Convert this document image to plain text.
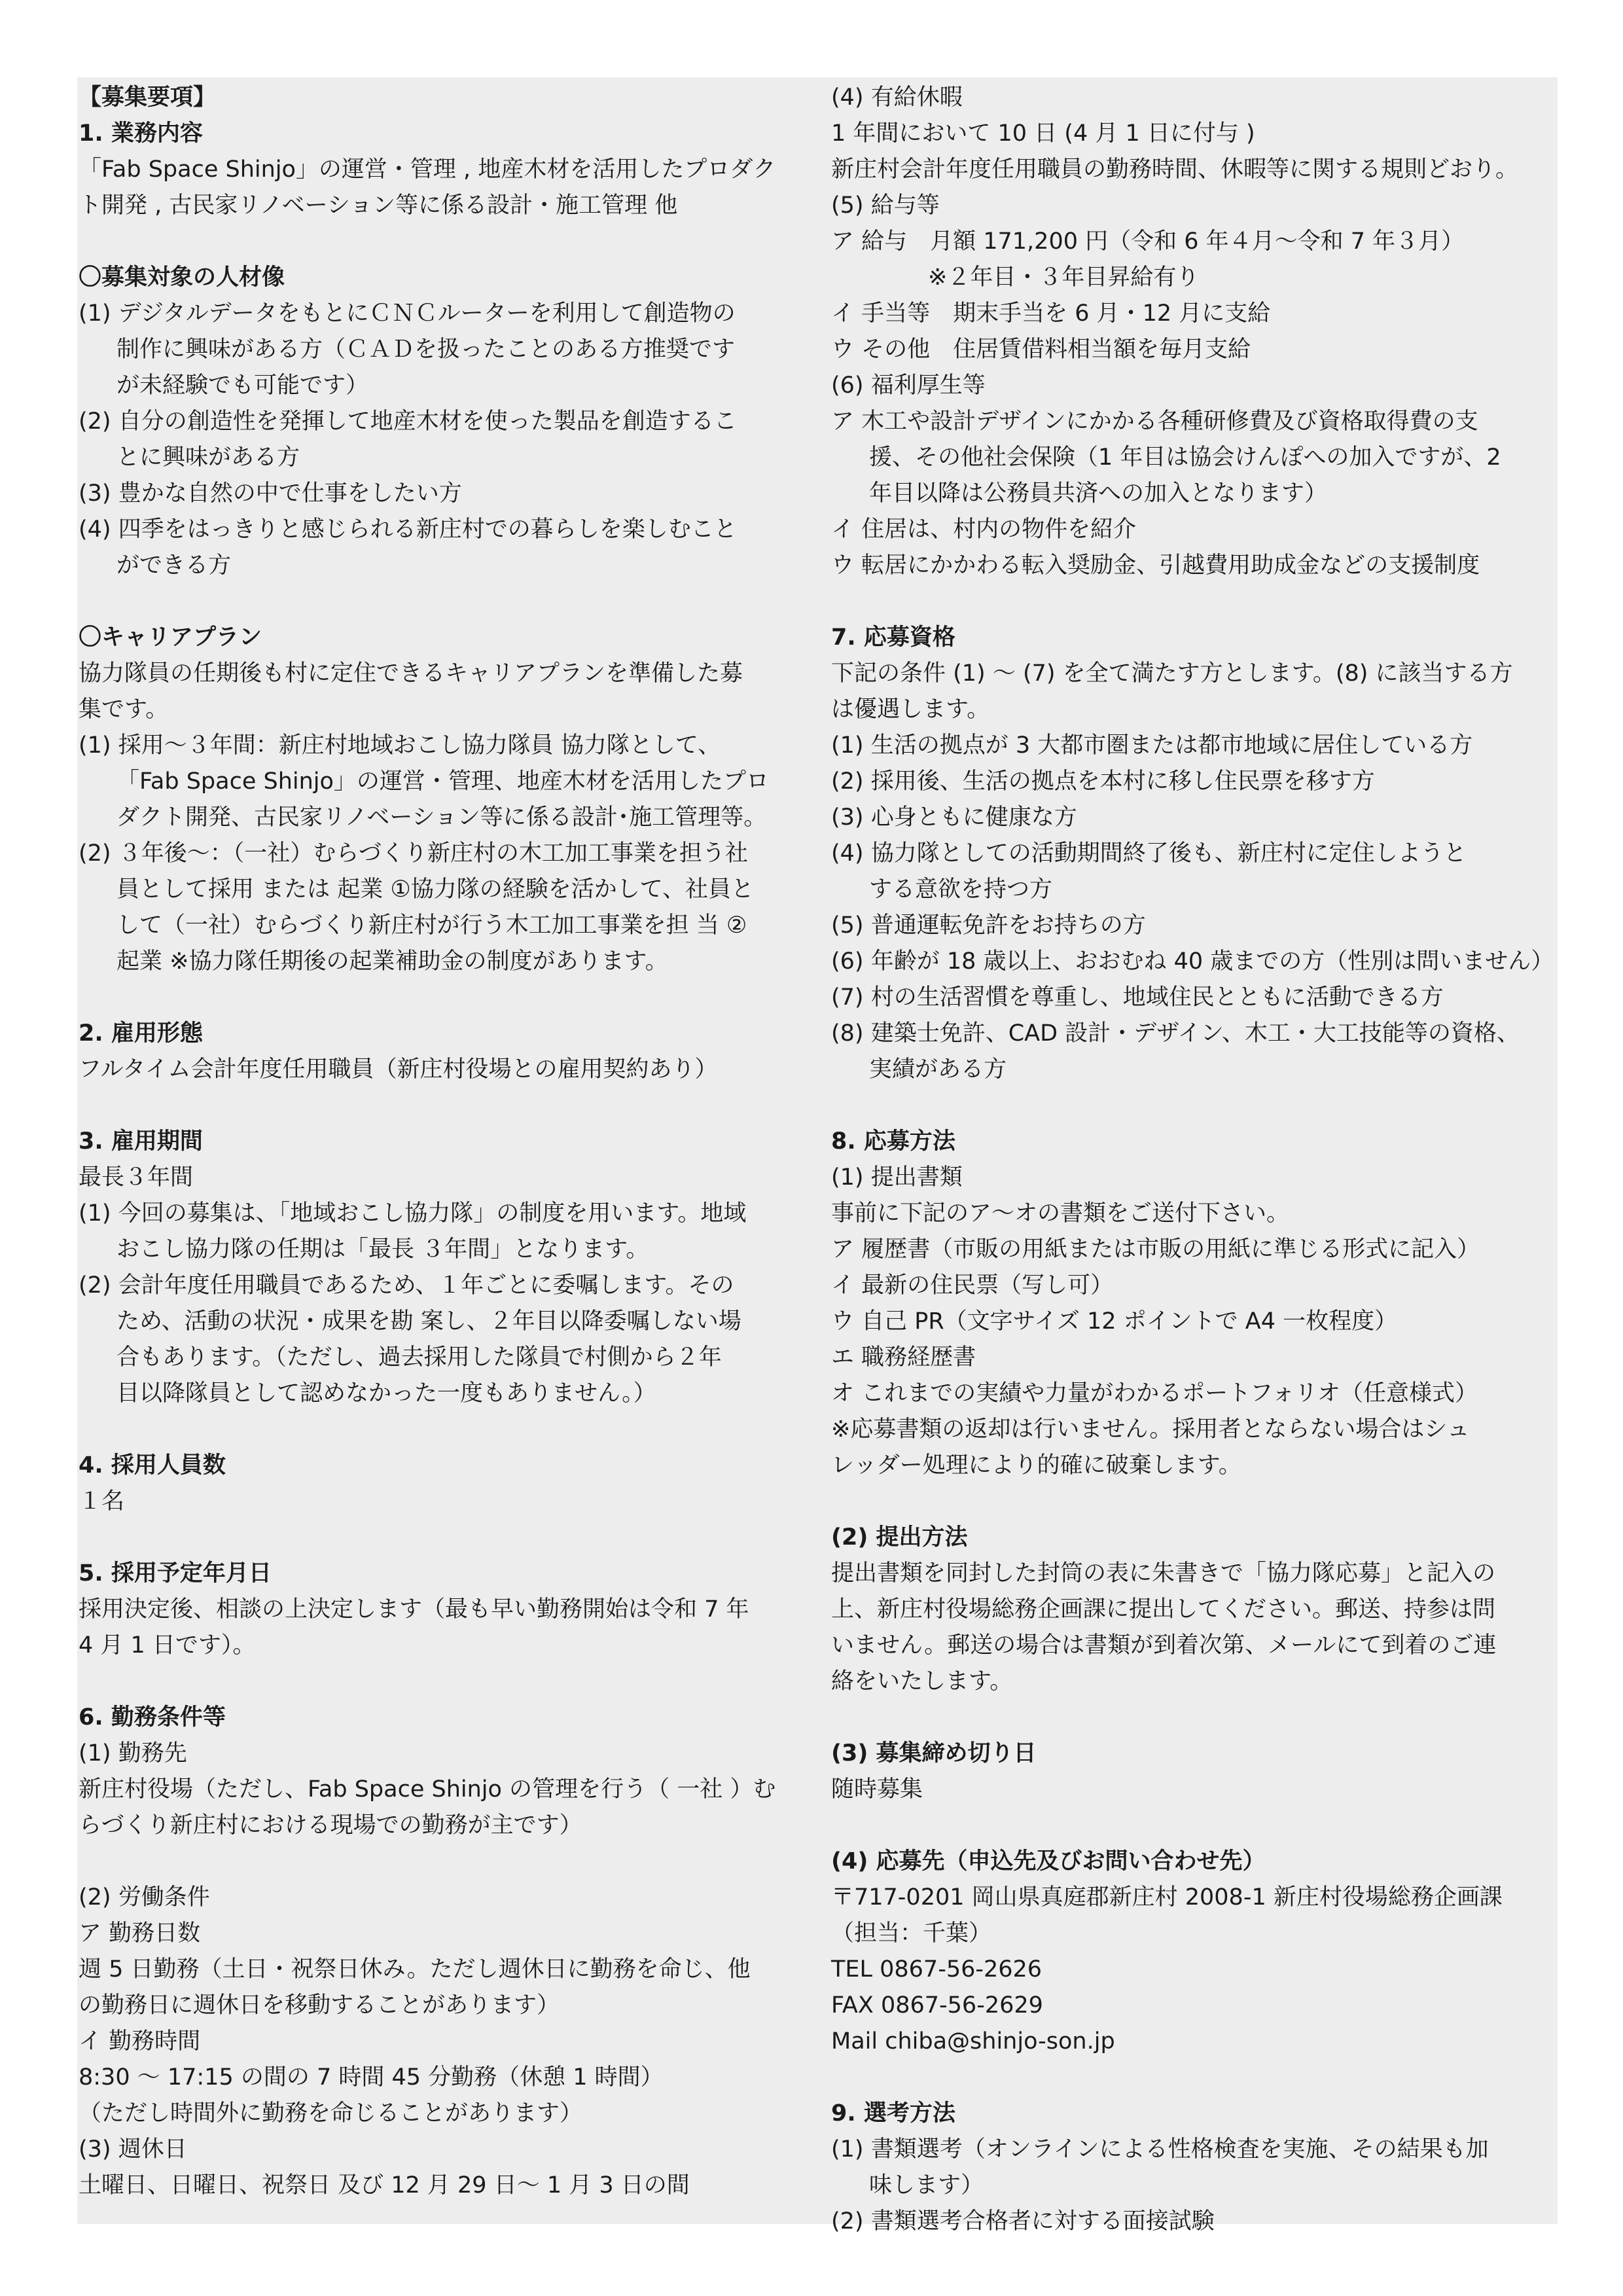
【募集要項】
1. 業務内容
「Fab Space Shinjo」の運営・管理 , 地産木材を活用したプロダク
ト開発 , 古民家リノベーション等に係る設計・施工管理 他
〇募集対象の人材像
(1) デジタルデータをもとにＣＮＣルーターを利用して創造物の
制作に興味がある方（ＣＡＤを扱ったことのある方推奨です
が未経験でも可能です）
(2) 自分の創造性を発揮して地産木材を使った製品を創造するこ
とに興味がある方
(3) 豊かな自然の中で仕事をしたい方
(4) 四季をはっきりと感じられる新庄村での暮らしを楽しむこと
ができる方
〇キャリアプラン
協力隊員の任期後も村に定住できるキャリアプランを準備した募
集です。
(1) 採用～３年間：新庄村地域おこし協力隊員 協力隊として、
「Fab Space Shinjo」の運営・管理、地産木材を活用したプロ
ダクト開発、古民家リノベーション等に係る設計･施工管理等。
(2) ３年後～：（一社）むらづくり新庄村の木工加工事業を担う社
員として採用 または 起業 ①協力隊の経験を活かして、社員と
して（一社）むらづくり新庄村が行う木工加工事業を担 当 ②
起業 ※協力隊任期後の起業補助金の制度があります。
2. 雇用形態
フルタイム会計年度任用職員（新庄村役場との雇用契約あり）
3. 雇用期間
最長３年間
(1) 今回の募集は、「地域おこし協力隊」の制度を用います。地域
おこし協力隊の任期は「最長 ３年間」となります。
(2) 会計年度任用職員であるため、１年ごとに委嘱します。その
ため、活動の状況・成果を勘 案し、２年目以降委嘱しない場
合もあります。（ただし、過去採用した隊員で村側から２年
目以降隊員として認めなかった一度もありません。）
4. 採用人員数
１名
5. 採用予定年月日
採用決定後、相談の上決定します（最も早い勤務開始は令和 7 年
4 月 1 日です）。
6. 勤務条件等
(1) 勤務先
新庄村役場（ただし、Fab Space Shinjo の管理を行う（ 一社 ）む
らづくり新庄村における現場での勤務が主です）
(2) 労働条件
ア 勤務日数
週 5 日勤務（土日・祝祭日休み。ただし週休日に勤務を命じ、他
の勤務日に週休日を移動することがあります）
イ 勤務時間
8:30 ～ 17:15 の間の 7 時間 45 分勤務（休憩 1 時間）
（ただし時間外に勤務を命じることがあります）
(3) 週休日
土曜日、日曜日、祝祭日 及び 12 月 29 日～ 1 月 3 日の間
(4) 有給休暇
1 年間において 10 日 (4 月 1 日に付与 )
新庄村会計年度任用職員の勤務時間、休暇等に関する規則どおり。
(5) 給与等
ア 給与　月額 171,200 円（令和 6 年４月～令和 7 年３月）
※２年目・３年目昇給有り
イ 手当等　期末手当を 6 月・12 月に支給
ウ その他　住居賃借料相当額を毎月支給
(6) 福利厚生等
ア 木工や設計デザインにかかる各種研修費及び資格取得費の支
援、その他社会保険（1 年目は協会けんぽへの加入ですが、2
年目以降は公務員共済への加入となります）
イ 住居は、村内の物件を紹介
ウ 転居にかかわる転入奨励金、引越費用助成金などの支援制度
7. 応募資格
下記の条件 (1) ～ (7) を全て満たす方とします。(8) に該当する方
は優遇します。
(1) 生活の拠点が 3 大都市圏または都市地域に居住している方
(2) 採用後、生活の拠点を本村に移し住民票を移す方
(3) 心身ともに健康な方
(4) 協力隊としての活動期間終了後も、新庄村に定住しようと
する意欲を持つ方
(5) 普通運転免許をお持ちの方
(6) 年齢が 18 歳以上、おおむね 40 歳までの方（性別は問いません）
(7) 村の生活習慣を尊重し、地域住民とともに活動できる方
(8) 建築士免許、CAD 設計・デザイン、木工・大工技能等の資格、
実績がある方
8. 応募方法
(1) 提出書類
事前に下記のア～オの書類をご送付下さい。
ア 履歴書（市販の用紙または市販の用紙に準じる形式に記入）
イ 最新の住民票（写し可）
ウ 自己 PR（文字サイズ 12 ポイントで A4 一枚程度）
エ 職務経歴書
オ これまでの実績や力量がわかるポートフォリオ（任意様式）
※応募書類の返却は行いません。採用者とならない場合はシュ
レッダー処理により的確に破棄します。
(2) 提出方法
提出書類を同封した封筒の表に朱書きで「協力隊応募」と記入の
上、新庄村役場総務企画課に提出してください。郵送、持参は問
いません。郵送の場合は書類が到着次第、メールにて到着のご連
絡をいたします。
(3) 募集締め切り日
随時募集
(4) 応募先（申込先及びお問い合わせ先）
〒717-0201 岡山県真庭郡新庄村 2008-1 新庄村役場総務企画課
（担当：千葉）
TEL 0867-56-2626
FAX 0867-56-2629
Mail chiba@shinjo-son.jp
9. 選考方法
(1) 書類選考（オンラインによる性格検査を実施、その結果も加
味します）
(2) 書類選考合格者に対する面接試験
